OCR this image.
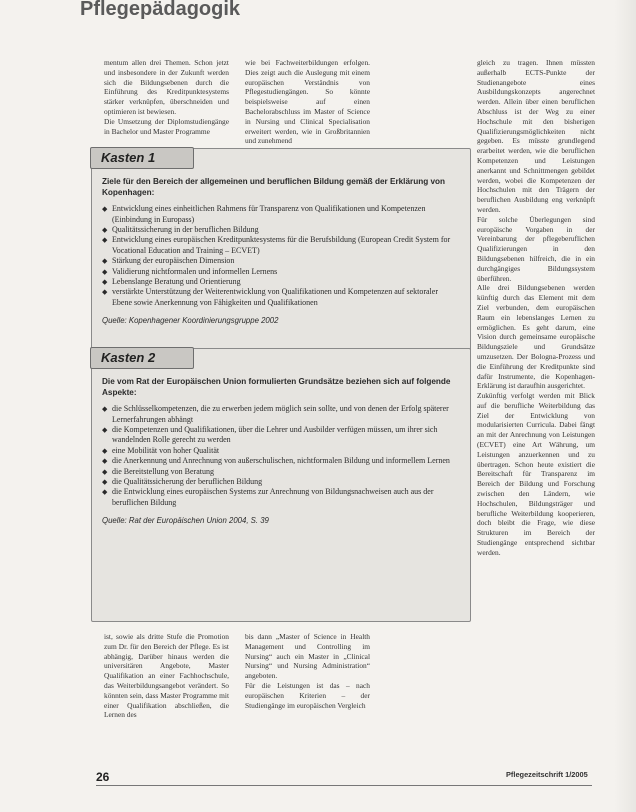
Pflegepädagogik

mentum allen drei Themen. Schon jetzt und insbesondere in der Zukunft werden sich die Bildungsebenen durch die Einführung des Kreditpunktesystems stärker verknüpfen, überschneiden und optimieren ist bewiesen.

Die Umsetzung der Diplomstudiengänge in Bachelor und Master Programme

wie bei Fachweiterbildungen erfolgen. Dies zeigt auch die Auslegung mit einem europäischen Verständnis von Pflegestudiengängen. So könnte beispielsweise auf einen Bachelorabschluss im Master of Science in Nursing und Clinical Specialisation erweitert werden, wie in Großbritannien und zunehmend

gleich zu tragen. Ihnen müssten außerhalb ECTS-Punkte der Studienangebote eines Ausbildungskonzepts angerechnet werden. Allein über einen beruflichen Abschluss ist der Weg zu einer Hochschule mit den bisherigen Qualifizierungsmöglichkeiten nicht gegeben. Es müsste grundlegend erarbeitet werden, wie die beruflichen Kompetenzen und Leistungen anerkannt und Schnittmengen gebildet werden, wobei die Kompetenzen der Hochschulen mit den Trägern der beruflichen Ausbildung eng verknüpft werden.

Für solche Überlegungen sind europäische Vorgaben in der Vereinbarung der pflegeberuflichen Qualifizierungen in den Bildungsebenen hilfreich, die in ein durchgängiges Bildungssystem überführen.

Alle drei Bildungsebenen werden künftig durch das Element mit dem Ziel verbunden, dem europäischen Raum ein lebenslanges Lernen zu ermöglichen. Es geht darum, eine Vision durch gemeinsame europäische Bildungsziele und Grundsätze umzusetzen. Der Bologna-Prozess und die Einführung der Kreditpunkte sind dafür Instrumente, die Kopenhagen-Erklärung ist daraufhin ausgerichtet.

Zukünftig verfolgt werden mit Blick auf die berufliche Weiterbildung das Ziel der Entwicklung von modularisierten Curricula. Dabei fängt an mit der Anrechnung von Leistungen (ECVET) eine Art Währung, um Leistungen anzuerkennen und zu übertragen. Schon heute existiert die Bereitschaft für Transparenz im Bereich der Bildung und Forschung zwischen den Ländern, wie Hochschulen, Bildungsträger und berufliche Weiterbildung kooperieren, doch bleibt die Frage, wie diese Strukturen im Bereich der Studiengänge entsprechend sichtbar werden.

Kasten 1
Ziele für den Bereich der allgemeinen und beruflichen Bildung gemäß der Erklärung von Kopenhagen:
◆ Entwicklung eines einheitlichen Rahmens für Transparenz von Qualifikationen und Kompetenzen (Einbindung in Europass)
◆ Qualitätssicherung in der beruflichen Bildung
◆ Entwicklung eines europäischen Kreditpunktesystems für die Berufsbildung (European Credit System for Vocational Education and Training – ECVET)
◆ Stärkung der europäischen Dimension
◆ Validierung nichtformalen und informellen Lernens
◆ Lebenslange Beratung und Orientierung
◆ verstärkte Unterstützung der Weiterentwicklung von Qualifikationen und Kompetenzen auf sektoraler Ebene sowie Anerkennung von Fähigkeiten und Qualifikationen
Quelle: Kopenhagener Koordinierungsgruppe 2002
Kasten 2
Die vom Rat der Europäischen Union formulierten Grundsätze beziehen sich auf folgende Aspekte:
◆ die Schlüsselkompetenzen, die zu erwerben jedem möglich sein sollte, und von denen der Erfolg späterer Lernerfahrungen abhängt
◆ die Kompetenzen und Qualifikationen, über die Lehrer und Ausbilder verfügen müssen, um ihrer sich wandelnden Rolle gerecht zu werden
◆ eine Mobilität von hoher Qualität
◆ die Anerkennung und Anrechnung von außerschulischen, nichtformalen Bildung und informellem Lernen
◆ die Bereitstellung von Beratung
◆ die Qualitätssicherung der beruflichen Bildung
◆ die Entwicklung eines europäischen Systems zur Anrechnung von Bildungsnachweisen auch aus der beruflichen Bildung
Quelle: Rat der Europäischen Union 2004, S. 39

ist, sowie als dritte Stufe die Promotion zum Dr. für den Bereich der Pflege. Es ist abhängig, Darüber hinaus werden die universitären Angebote, Master Qualifikation an einer Fachhochschule, das Weiterbildungsangebot verändert. So könnten sein, dass Master Programme mit einer Qualifikation abschließen, die Lernen des

bis dann „Master of Science in Health Management und Controlling im Nursing“ auch ein Master in „Clinical Nursing“ und Nursing Administration“ angeboten.

Für die Leistungen ist das – nach europäischen Kriterien – der Studiengänge im europäischen Vergleich

26	Pflegezeitschrift 1/2005
